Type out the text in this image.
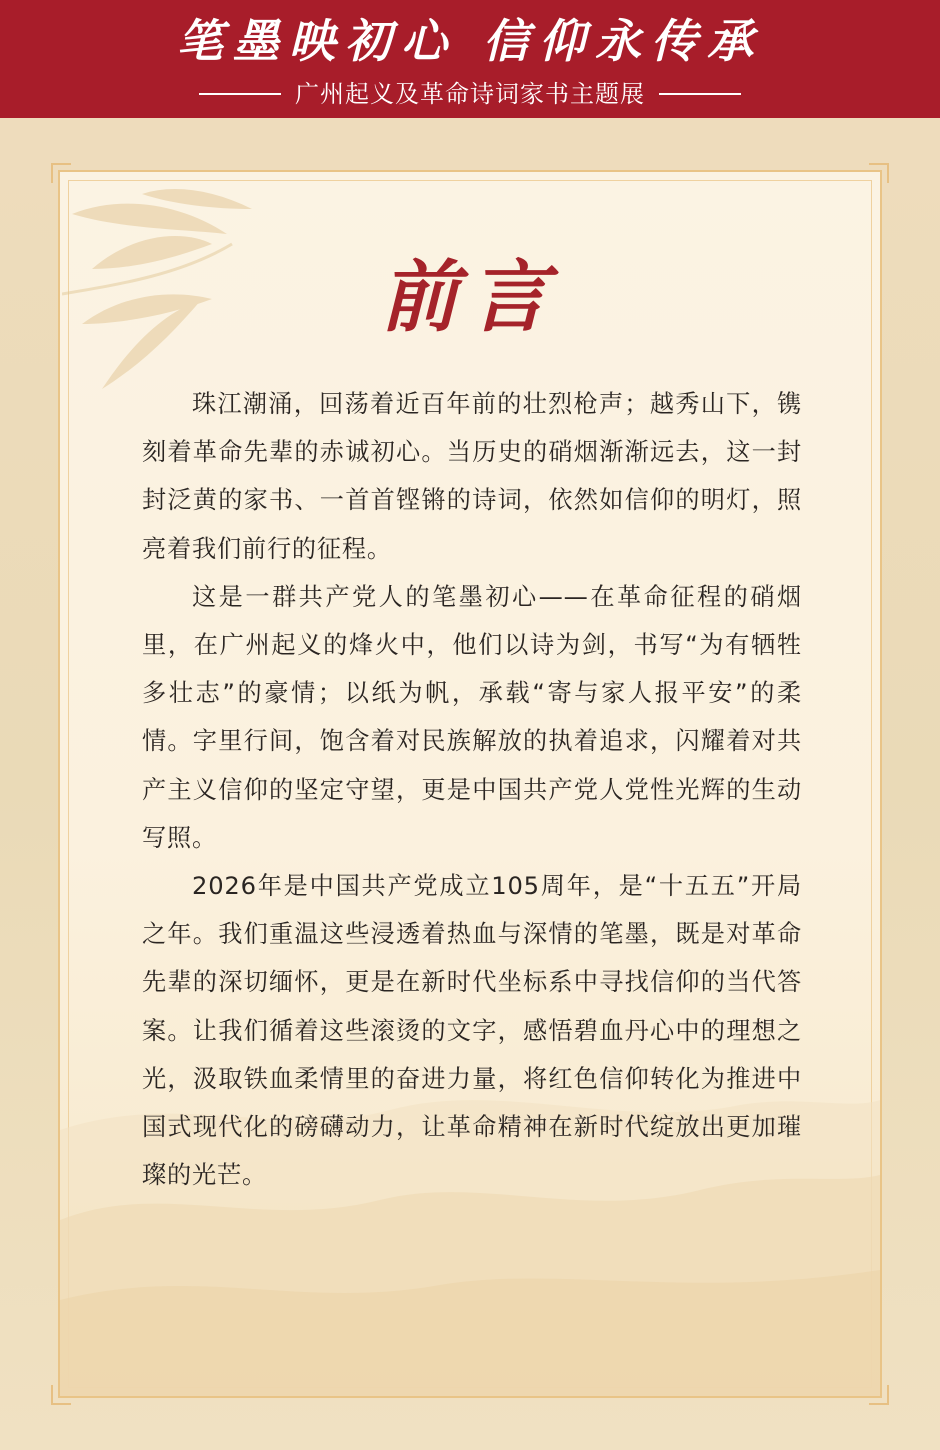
笔墨映初心 信仰永传承
广州起义及革命诗词家书主题展
前言

珠江潮涌，回荡着近百年前的壮烈枪声；越秀山下，镌刻着革命先辈的赤诚初心。当历史的硝烟渐渐远去，这一封封泛黄的家书、一首首铿锵的诗词，依然如信仰的明灯，照亮着我们前行的征程。

这是一群共产党人的笔墨初心——在革命征程的硝烟里，在广州起义的烽火中，他们以诗为剑，书写“为有牺牲多壮志”的豪情；以纸为帆，承载“寄与家人报平安”的柔情。字里行间，饱含着对民族解放的执着追求，闪耀着对共产主义信仰的坚定守望，更是中国共产党人党性光辉的生动写照。

2026年是中国共产党成立105周年，是“十五五”开局之年。我们重温这些浸透着热血与深情的笔墨，既是对革命先辈的深切缅怀，更是在新时代坐标系中寻找信仰的当代答案。让我们循着这些滚烫的文字，感悟碧血丹心中的理想之光，汲取铁血柔情里的奋进力量，将红色信仰转化为推进中国式现代化的磅礴动力，让革命精神在新时代绽放出更加璀璨的光芒。
